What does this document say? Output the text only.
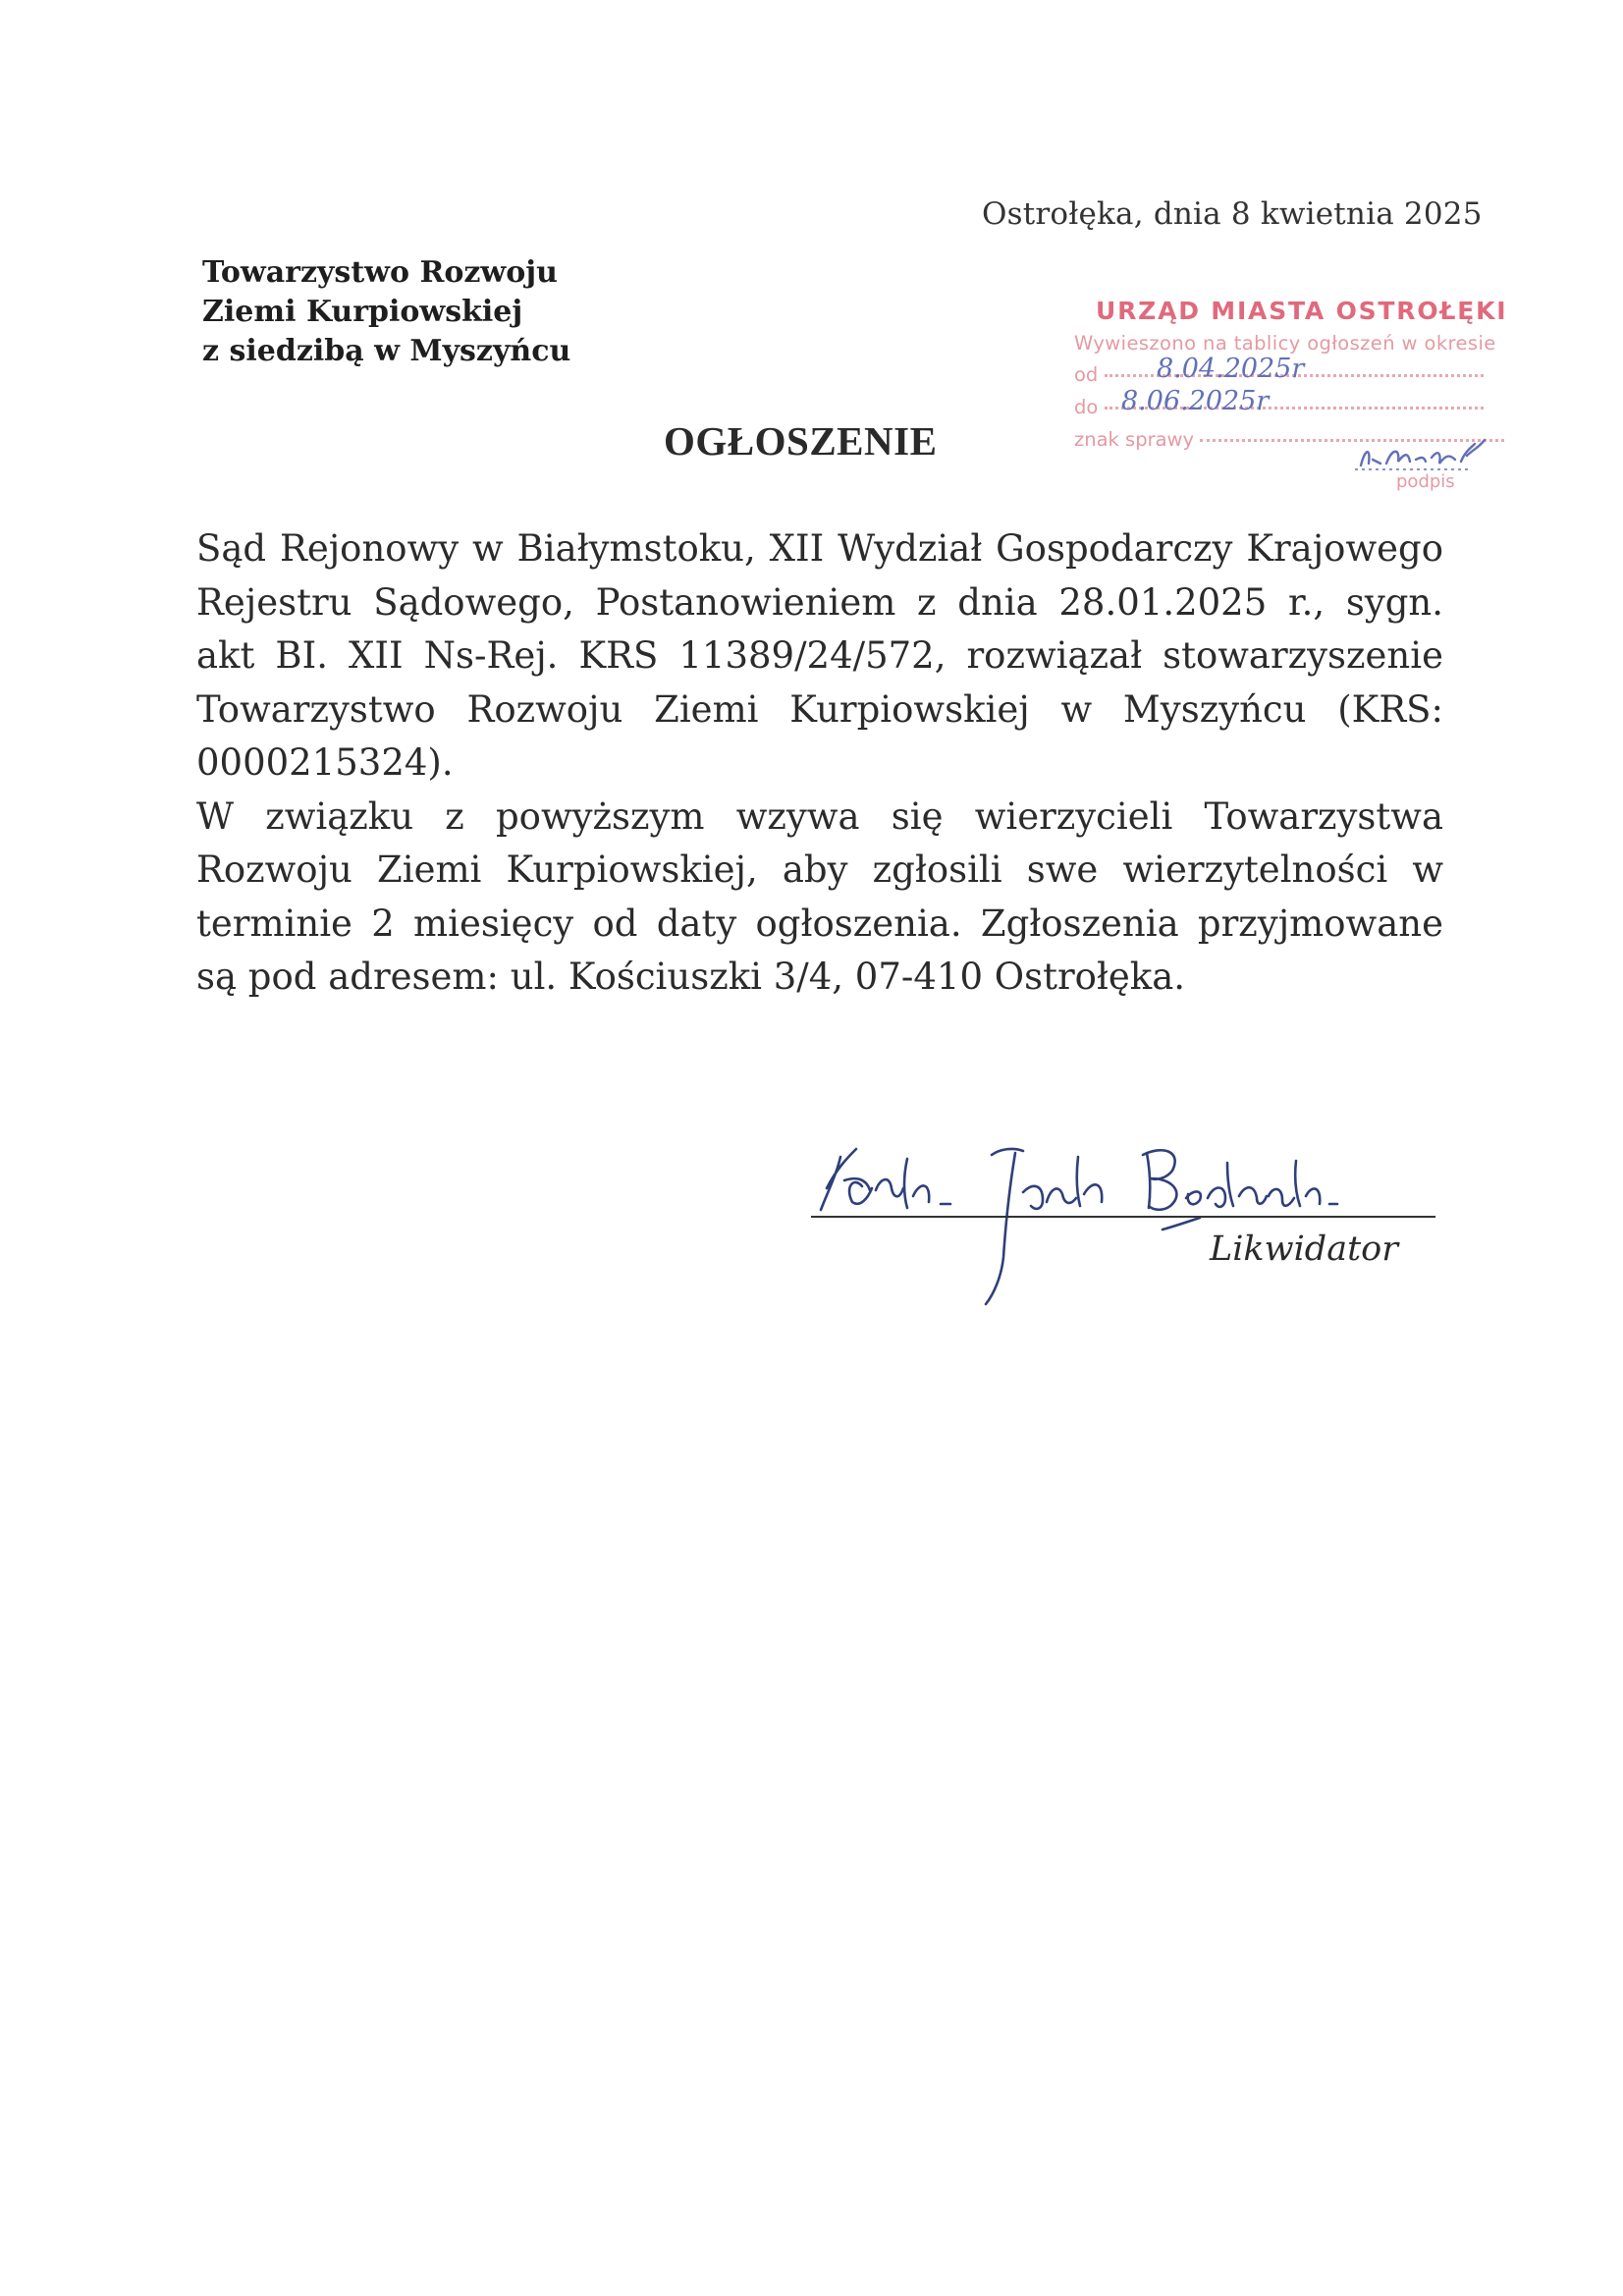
Ostrołęka, dnia 8 kwietnia 2025
Towarzystwo Rozwoju
Ziemi Kurpiowskiej
z siedzibą w Myszyńcu
URZĄD MIASTA OSTROŁĘKI
Wywieszono na tablicy ogłoszeń w okresie
od 8.04.2025r
do 8.06.2025r
znak sprawy
podpis
OGŁOSZENIE

Sąd Rejonowy w Białymstoku, XII Wydział Gospodarczy Krajowego Rejestru Sądowego, Postanowieniem z dnia 28.01.2025 r., sygn. akt BI. XII Ns-Rej. KRS 11389/24/572, rozwiązał stowarzyszenie Towarzystwo Rozwoju Ziemi Kurpiowskiej w Myszyńcu (KRS: 0000215324).

W związku z powyższym wzywa się wierzycieli Towarzystwa Rozwoju Ziemi Kurpiowskiej, aby zgłosili swe wierzytelności w terminie 2 miesięcy od daty ogłoszenia. Zgłoszenia przyjmowane są pod adresem: ul. Kościuszki 3/4, 07-410 Ostrołęka.

Likwidator
